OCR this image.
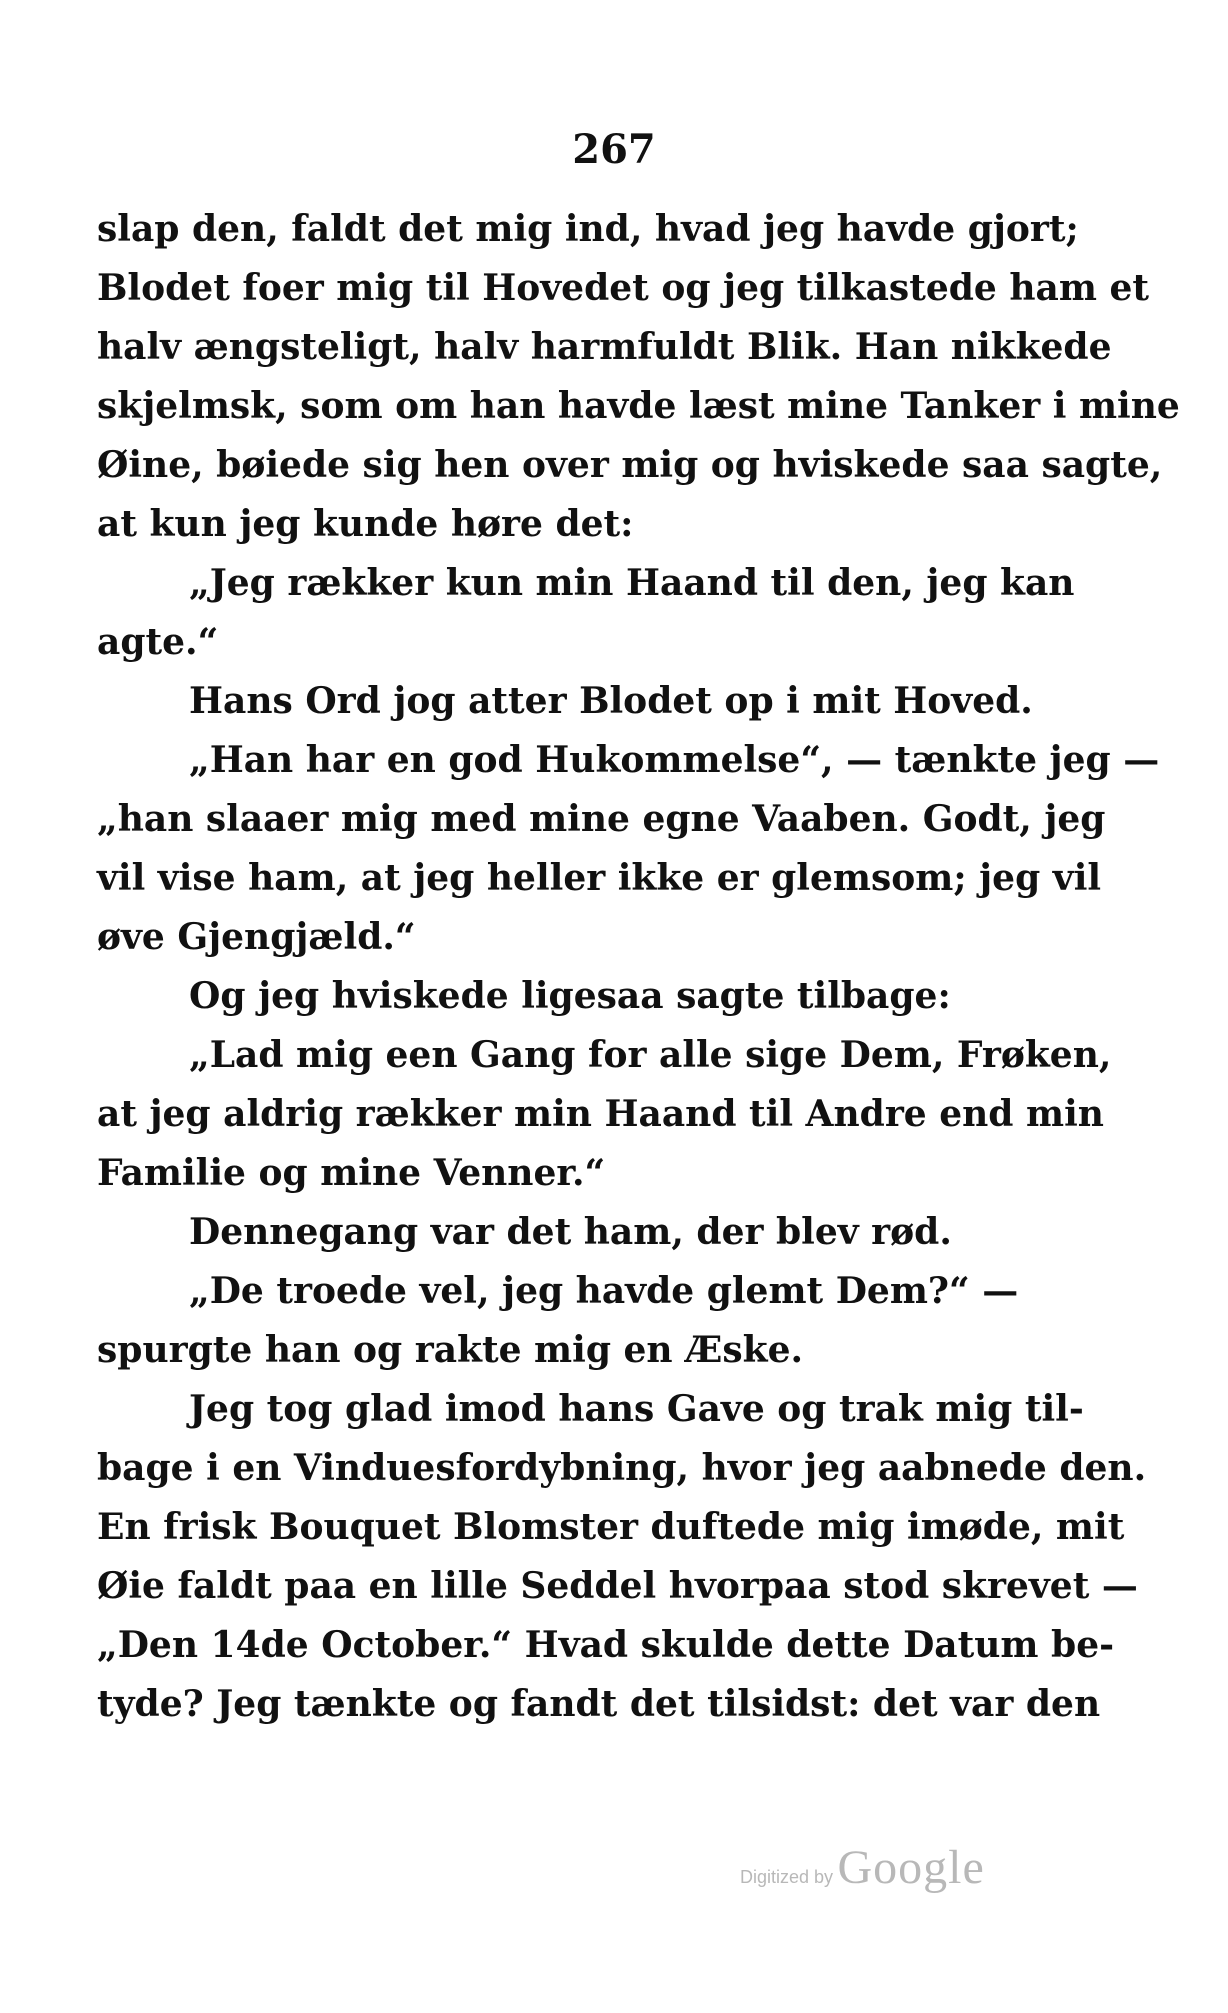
267
slap den, faldt det mig ind, hvad jeg havde gjort;
Blodet foer mig til Hovedet og jeg tilkastede ham et
halv ængsteligt, halv harmfuldt Blik. Han nikkede
skjelmsk, som om han havde læst mine Tanker i mine
Øine, bøiede sig hen over mig og hviskede saa sagte,
at kun jeg kunde høre det:
„Jeg rækker kun min Haand til den, jeg kan
agte.“
Hans Ord jog atter Blodet op i mit Hoved.
„Han har en god Hukommelse“, — tænkte jeg —
„han slaaer mig med mine egne Vaaben. Godt, jeg
vil vise ham, at jeg heller ikke er glemsom; jeg vil
øve Gjengjæld.“
Og jeg hviskede ligesaa sagte tilbage:
„Lad mig een Gang for alle sige Dem, Frøken,
at jeg aldrig rækker min Haand til Andre end min
Familie og mine Venner.“
Dennegang var det ham, der blev rød.
„De troede vel, jeg havde glemt Dem?“ —
spurgte han og rakte mig en Æske.
Jeg tog glad imod hans Gave og trak mig til-
bage i en Vinduesfordybning, hvor jeg aabnede den.
En frisk Bouquet Blomster duftede mig imøde, mit
Øie faldt paa en lille Seddel hvorpaa stod skrevet —
„Den 14de October.“ Hvad skulde dette Datum be-
tyde? Jeg tænkte og fandt det tilsidst: det var den
Digitized by Google
